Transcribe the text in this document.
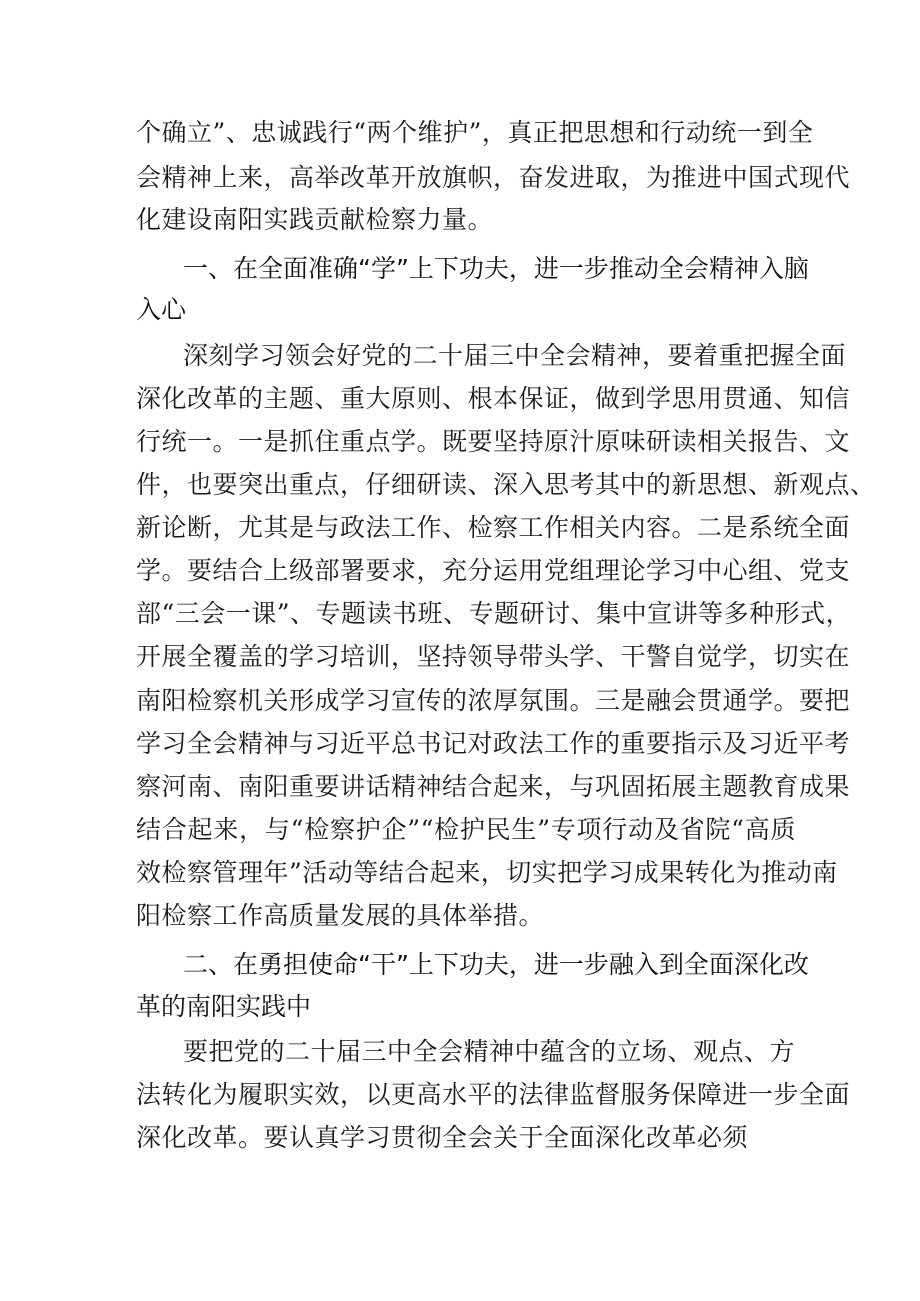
个确立”、忠诚践行“两个维护”，真正把思想和行动统一到全
会精神上来，高举改革开放旗帜，奋发进取，为推进中国式现代
化建设南阳实践贡献检察力量。
一、在全面准确“学”上下功夫，进一步推动全会精神入脑
入心
深刻学习领会好党的二十届三中全会精神，要着重把握全面
深化改革的主题、重大原则、根本保证，做到学思用贯通、知信
行统一。一是抓住重点学。既要坚持原汁原味研读相关报告、文
件，也要突出重点，仔细研读、深入思考其中的新思想、新观点、
新论断，尤其是与政法工作、检察工作相关内容。二是系统全面
学。要结合上级部署要求，充分运用党组理论学习中心组、党支
部“三会一课”、专题读书班、专题研讨、集中宣讲等多种形式，
开展全覆盖的学习培训，坚持领导带头学、干警自觉学，切实在
南阳检察机关形成学习宣传的浓厚氛围。三是融会贯通学。要把
学习全会精神与习近平总书记对政法工作的重要指示及习近平考
察河南、南阳重要讲话精神结合起来，与巩固拓展主题教育成果
结合起来，与“检察护企”“检护民生”专项行动及省院“高质
效检察管理年”活动等结合起来，切实把学习成果转化为推动南
阳检察工作高质量发展的具体举措。
二、在勇担使命“干”上下功夫，进一步融入到全面深化改
革的南阳实践中
要把党的二十届三中全会精神中蕴含的立场、观点、方
法转化为履职实效，以更高水平的法律监督服务保障进一步全面
深化改革。要认真学习贯彻全会关于全面深化改革必须
